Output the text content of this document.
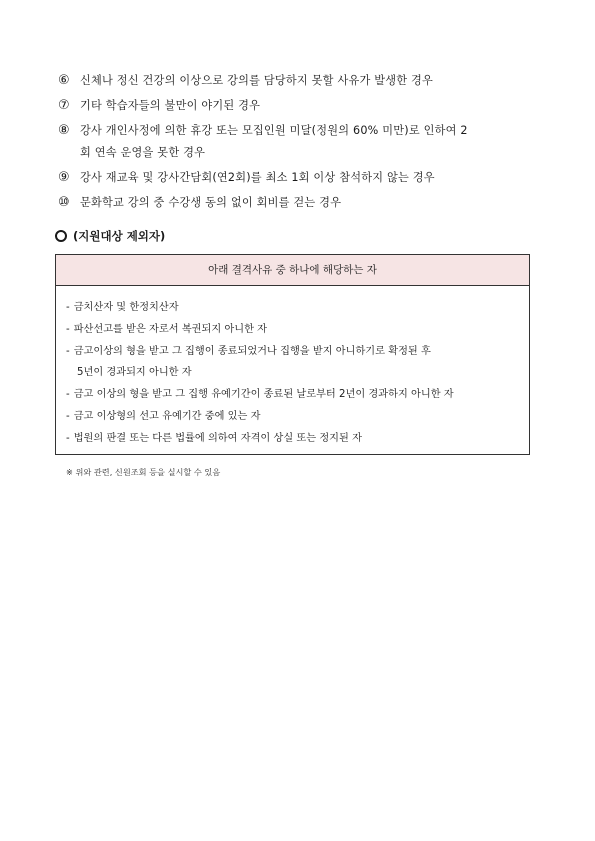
⑥ 신체나 정신 건강의 이상으로 강의를 담당하지 못할 사유가 발생한 경우
⑦ 기타 학습자들의 불만이 야기된 경우
⑧ 강사 개인사정에 의한 휴강 또는 모집인원 미달(정원의 60% 미만)로 인하여 2
회 연속 운영을 못한 경우
⑨ 강사 재교육 및 강사간담회(연2회)를 최소 1회 이상 참석하지 않는 경우
⑩ 문화학교 강의 중 수강생 동의 없이 회비를 걷는 경우
(지원대상 제외자)
아래 결격사유 중 하나에 해당하는 자
- 금치산자 및 한정치산자
- 파산선고를 받은 자로서 복권되지 아니한 자
- 금고이상의 형을 받고 그 집행이 종료되었거나 집행을 받지 아니하기로 확정된 후
5년이 경과되지 아니한 자
- 금고 이상의 형을 받고 그 집행 유예기간이 종료된 날로부터 2년이 경과하지 아니한 자
- 금고 이상형의 선고 유예기간 중에 있는 자
- 법원의 판결 또는 다른 법률에 의하여 자격이 상실 또는 정지된 자
※ 위와 관련, 신원조회 등을 실시할 수 있음
